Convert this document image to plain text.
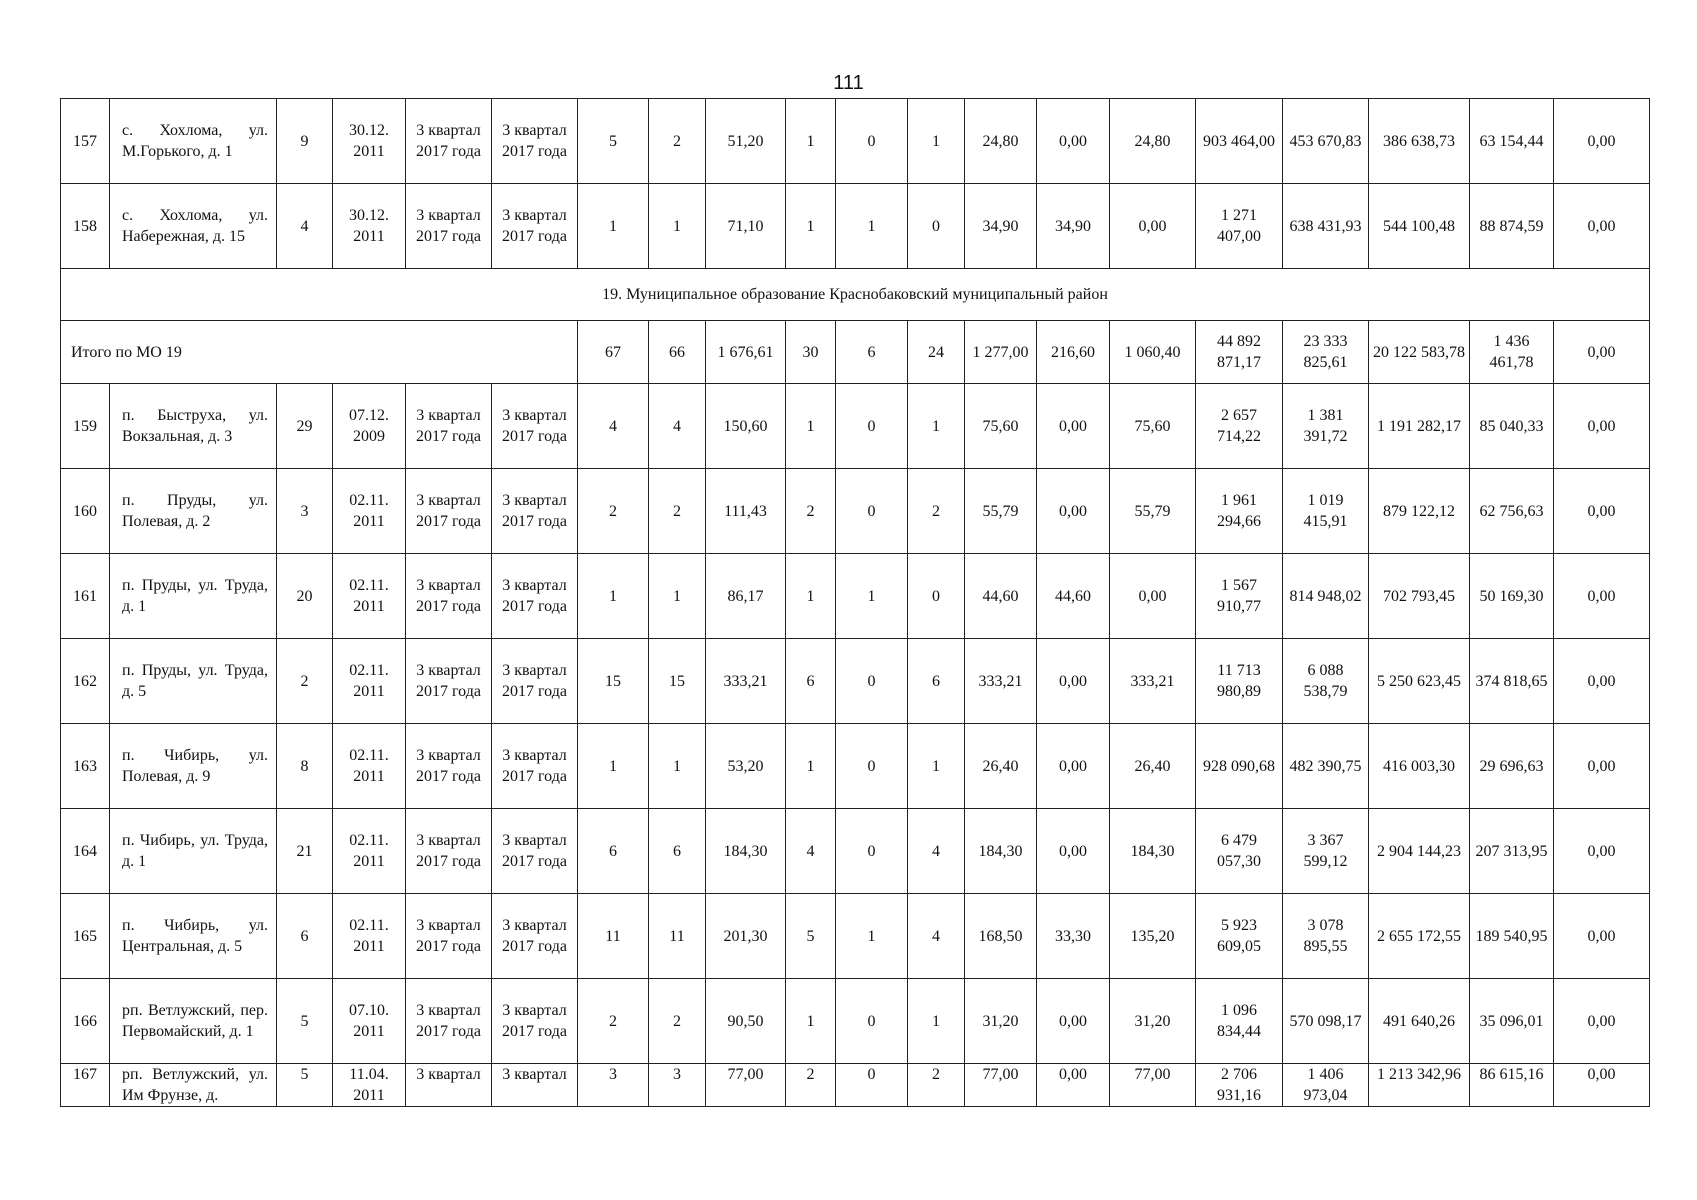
111
157	с. Хохлома, ул. М.Горького, д. 1	9	30.12. 2011	3 квартал 2017 года	3 квартал 2017 года	5	2	51,20	1	0	1	24,80	0,00	24,80	903 464,00	453 670,83	386 638,73	63 154,44	0,00
158	с. Хохлома, ул. Набережная, д. 15	4	30.12. 2011	3 квартал 2017 года	3 квартал 2017 года	1	1	71,10	1	1	0	34,90	34,90	0,00	1 271 407,00	638 431,93	544 100,48	88 874,59	0,00
19. Муниципальное образование Краснобаковский муниципальный район																			
Итого по МО 19						67	66	1 676,61	30	6	24	1 277,00	216,60	1 060,40	44 892 871,17	23 333 825,61	20 122 583,78	1 436 461,78	0,00
159	п. Быструха, ул. Вокзальная, д. 3	29	07.12. 2009	3 квартал 2017 года	3 квартал 2017 года	4	4	150,60	1	0	1	75,60	0,00	75,60	2 657 714,22	1 381 391,72	1 191 282,17	85 040,33	0,00
160	п. Пруды, ул. Полевая, д. 2	3	02.11. 2011	3 квартал 2017 года	3 квартал 2017 года	2	2	111,43	2	0	2	55,79	0,00	55,79	1 961 294,66	1 019 415,91	879 122,12	62 756,63	0,00
161	п. Пруды, ул. Труда, д. 1	20	02.11. 2011	3 квартал 2017 года	3 квартал 2017 года	1	1	86,17	1	1	0	44,60	44,60	0,00	1 567 910,77	814 948,02	702 793,45	50 169,30	0,00
162	п. Пруды, ул. Труда, д. 5	2	02.11. 2011	3 квартал 2017 года	3 квартал 2017 года	15	15	333,21	6	0	6	333,21	0,00	333,21	11 713 980,89	6 088 538,79	5 250 623,45	374 818,65	0,00
163	п. Чибирь, ул. Полевая, д. 9	8	02.11. 2011	3 квартал 2017 года	3 квартал 2017 года	1	1	53,20	1	0	1	26,40	0,00	26,40	928 090,68	482 390,75	416 003,30	29 696,63	0,00
164	п. Чибирь, ул. Труда, д. 1	21	02.11. 2011	3 квартал 2017 года	3 квартал 2017 года	6	6	184,30	4	0	4	184,30	0,00	184,30	6 479 057,30	3 367 599,12	2 904 144,23	207 313,95	0,00
165	п. Чибирь, ул. Центральная, д. 5	6	02.11. 2011	3 квартал 2017 года	3 квартал 2017 года	11	11	201,30	5	1	4	168,50	33,30	135,20	5 923 609,05	3 078 895,55	2 655 172,55	189 540,95	0,00
166	рп. Ветлужский, пер. Первомайский, д. 1	5	07.10. 2011	3 квартал 2017 года	3 квартал 2017 года	2	2	90,50	1	0	1	31,20	0,00	31,20	1 096 834,44	570 098,17	491 640,26	35 096,01	0,00
167	рп. Ветлужский, ул. Им Фрунзе, д.	5	11.04. 2011	3 квартал	3 квартал	3	3	77,00	2	0	2	77,00	0,00	77,00	2 706 931,16	1 406 973,04	1 213 342,96	86 615,16	0,00
